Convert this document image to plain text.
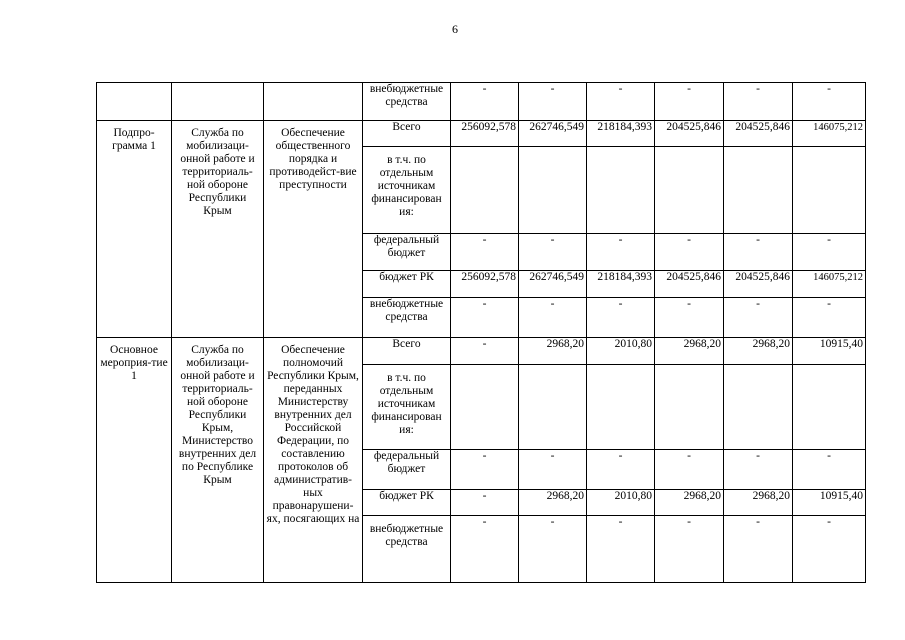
6
			внебюджетные средства	-	-	-	-	-	-
Подпро-грамма 1	Служба по мобилизаци-онной работе и территориаль-ной обороне Республики Крым	Обеспечение общественного порядка и противодейст-вие преступности	Всего	256092,578	262746,549	218184,393	204525,846	204525,846	146075,212
			в т.ч. по отдельным источникам финансирован ия:						
			федеральный бюджет	-	-	-	-	-	-
			бюджет РК	256092,578	262746,549	218184,393	204525,846	204525,846	146075,212
			внебюджетные средства	-	-	-	-	-	-
Основное мероприя-тие 1	Служба по мобилизаци-онной работе и территориаль-ной обороне Республики Крым, Министерство внутренних дел по Республике Крым	Обеспечение полномочий Республики Крым, переданных Министерству внутренних дел Российской Федерации, по составлению протоколов об административ-ных правонарушени-ях, посягающих на	Всего	-	2968,20	2010,80	2968,20	2968,20	10915,40
			в т.ч. по отдельным источникам финансирован ия:						
			федеральный бюджет	-	-	-	-	-	-
			бюджет РК	-	2968,20	2010,80	2968,20	2968,20	10915,40
			внебюджетные средства	-	-	-	-	-	-
